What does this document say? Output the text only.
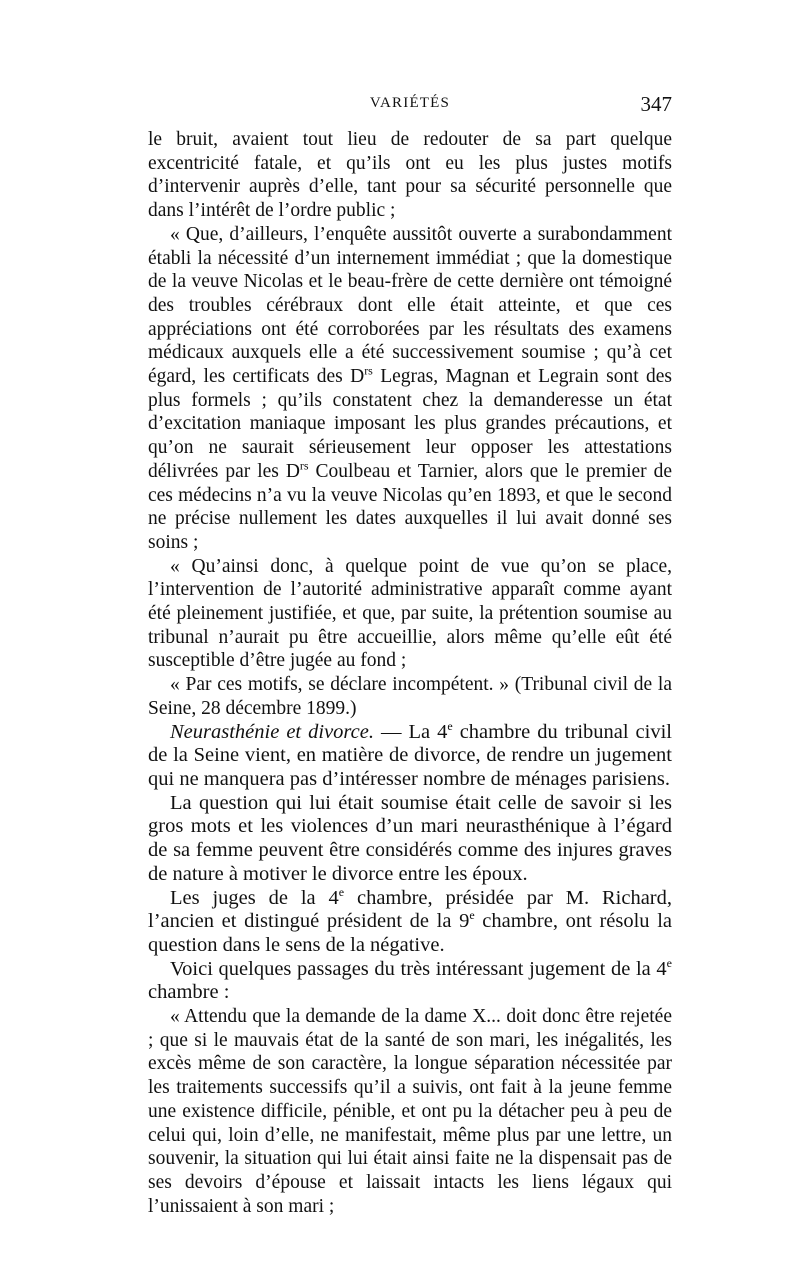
VARIÉTÉS	347

le bruit, avaient tout lieu de redouter de sa part quelque excentricité fatale, et qu’ils ont eu les plus justes motifs d’intervenir auprès d’elle, tant pour sa sécurité personnelle que dans l’intérêt de l’ordre public ;

« Que, d’ailleurs, l’enquête aussitôt ouverte a surabondamment établi la nécessité d’un internement immédiat ; que la domestique de la veuve Nicolas et le beau-frère de cette dernière ont témoigné des troubles cérébraux dont elle était atteinte, et que ces appréciations ont été corroborées par les résultats des examens médicaux auxquels elle a été successivement soumise ; qu’à cet égard, les certificats des $D^{rs}$ Legras, Magnan et Legrain sont des plus formels ; qu’ils constatent chez la demanderesse un état d’excitation maniaque imposant les plus grandes précautions, et qu’on ne saurait sérieusement leur opposer les attestations délivrées par les $D^{rs}$ Coulbeau et Tarnier, alors que le premier de ces médecins n’a vu la veuve Nicolas qu’en 1893, et que le second ne précise nullement les dates auxquelles il lui avait donné ses soins ;

« Qu’ainsi donc, à quelque point de vue qu’on se place, l’intervention de l’autorité administrative apparaît comme ayant été pleinement justifiée, et que, par suite, la prétention soumise au tribunal n’aurait pu être accueillie, alors même qu’elle eût été susceptible d’être jugée au fond ;

« Par ces motifs, se déclare incompétent. » (Tribunal civil de la Seine, 28 décembre 1899.)

Neurasthénie et divorce. — La 4e chambre du tribunal civil de la Seine vient, en matière de divorce, de rendre un jugement qui ne manquera pas d’intéresser nombre de ménages parisiens.

La question qui lui était soumise était celle de savoir si les gros mots et les violences d’un mari neurasthénique à l’égard de sa femme peuvent être considérés comme des injures graves de nature à motiver le divorce entre les époux.

Les juges de la 4e chambre, présidée par M. Richard, l’ancien et distingué président de la 9e chambre, ont résolu la question dans le sens de la négative.

Voici quelques passages du très intéressant jugement de la 4e chambre :

« Attendu que la demande de la dame X... doit donc être rejetée ; que si le mauvais état de la santé de son mari, les inégalités, les excès même de son caractère, la longue séparation nécessitée par les traitements successifs qu’il a suivis, ont fait à la jeune femme une existence difficile, pénible, et ont pu la détacher peu à peu de celui qui, loin d’elle, ne manifestait, même plus par une lettre, un souvenir, la situation qui lui était ainsi faite ne la dispensait pas de ses devoirs d’épouse et laissait intacts les liens légaux qui l’unissaient à son mari ;
